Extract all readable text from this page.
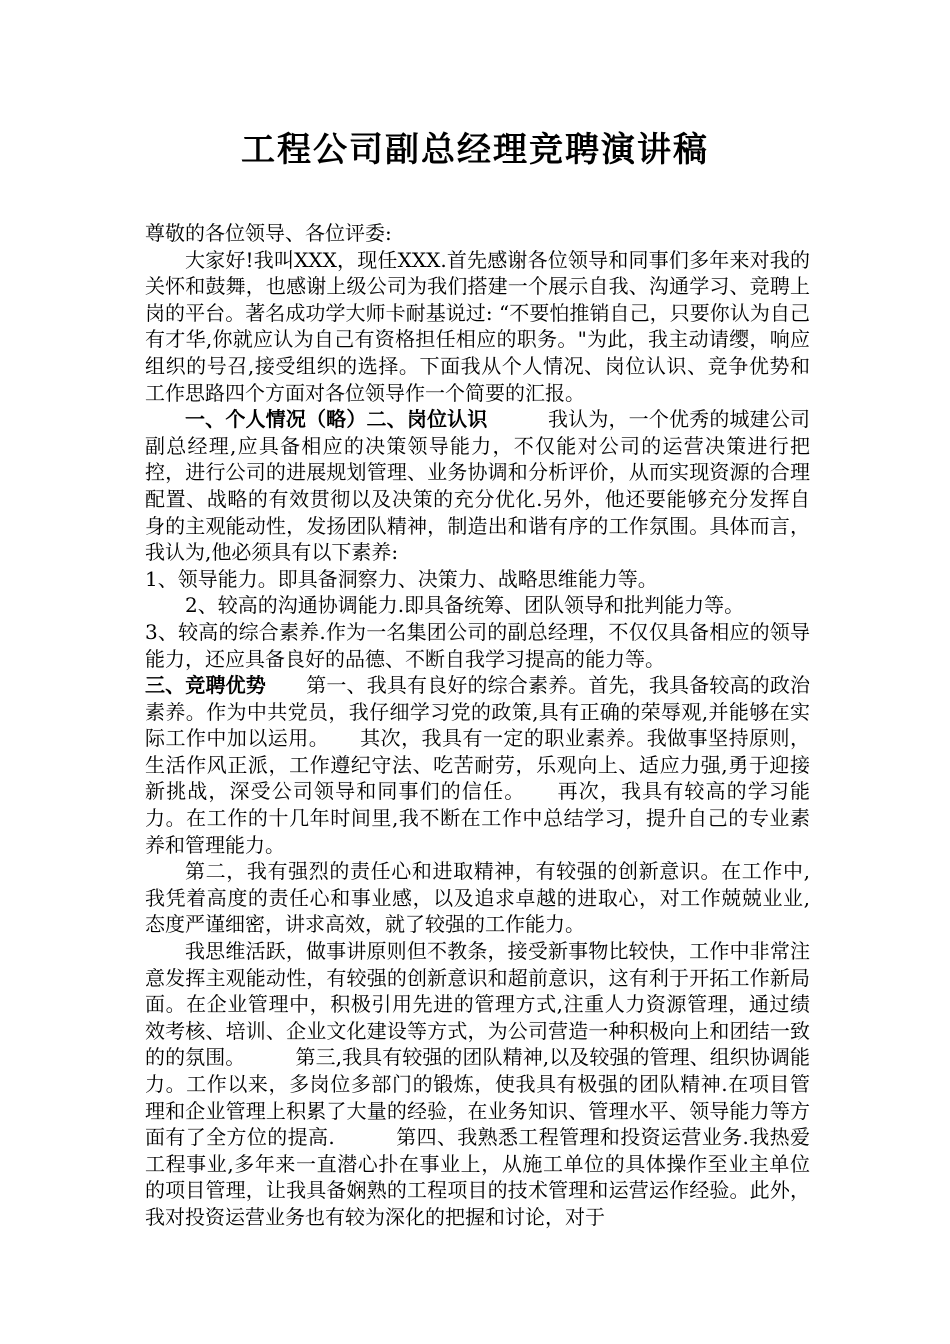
工程公司副总经理竞聘演讲稿

尊敬的各位领导、各位评委:

大家好!我叫XXX，现任XXX.首先感谢各位领导和同事们多年来对我的关怀和鼓舞，也感谢上级公司为我们搭建一个展示自我、沟通学习、竞聘上岗的平台。著名成功学大师卡耐基说过: “不要怕推销自己，只要你认为自己有才华,你就应认为自己有资格担任相应的职务。"为此，我主动请缨，响应组织的号召,接受组织的选择。下面我从个人情况、岗位认识、竞争优势和工作思路四个方面对各位领导作一个简要的汇报。

一、个人情况（略）二、岗位认识　　　	我认为，一个优秀的城建公司副总经理,应具备相应的决策领导能力，不仅能对公司的运营决策进行把控，进行公司的进展规划管理、业务协调和分析评价，从而实现资源的合理配置、战略的有效贯彻以及决策的充分优化.另外，他还要能够充分发挥自身的主观能动性，发扬团队精神，制造出和谐有序的工作氛围。具体而言，我认为,他必须具有以下素养:

1、领导能力。即具备洞察力、决策力、战略思维能力等。

2、较高的沟通协调能力.即具备统筹、团队领导和批判能力等。

3、较高的综合素养.作为一名集团公司的副总经理，不仅仅具备相应的领导能力，还应具备良好的品德、不断自我学习提高的能力等。

三、竞聘优势　　 第一、我具有良好的综合素养。首先，我具备较高的政治素养。作为中共党员，我仔细学习党的政策,具有正确的荣辱观,并能够在实际工作中加以运用。　　其次，我具有一定的职业素养。我做事坚持原则，生活作风正派，工作遵纪守法、吃苦耐劳，乐观向上、适应力强,勇于迎接新挑战，深受公司领导和同事们的信任。　　再次，我具有较高的学习能力。在工作的十几年时间里,我不断在工作中总结学习，提升自己的专业素养和管理能力。

第二，我有强烈的责任心和进取精神，有较强的创新意识。在工作中,我凭着高度的责任心和事业感，以及追求卓越的进取心，对工作兢兢业业,态度严谨细密，讲求高效，就了较强的工作能力。

我思维活跃，做事讲原则但不教条，接受新事物比较快，工作中非常注意发挥主观能动性，有较强的创新意识和超前意识，这有利于开拓工作新局面。在企业管理中，积极引用先进的管理方式,注重人力资源管理，通过绩效考核、培训、企业文化建设等方式，为公司营造一种积极向上和团结一致的的氛围。　　　第三,我具有较强的团队精神,以及较强的管理、组织协调能力。工作以来，多岗位多部门的锻炼，使我具有极强的团队精神.在项目管理和企业管理上积累了大量的经验，在业务知识、管理水平、领导能力等方面有了全方位的提高.　　　第四、我熟悉工程管理和投资运营业务.我热爱工程事业,多年来一直潜心扑在事业上，从施工单位的具体操作至业主单位的项目管理，让我具备娴熟的工程项目的技术管理和运营运作经验。此外，我对投资运营业务也有较为深化的把握和讨论，对于
